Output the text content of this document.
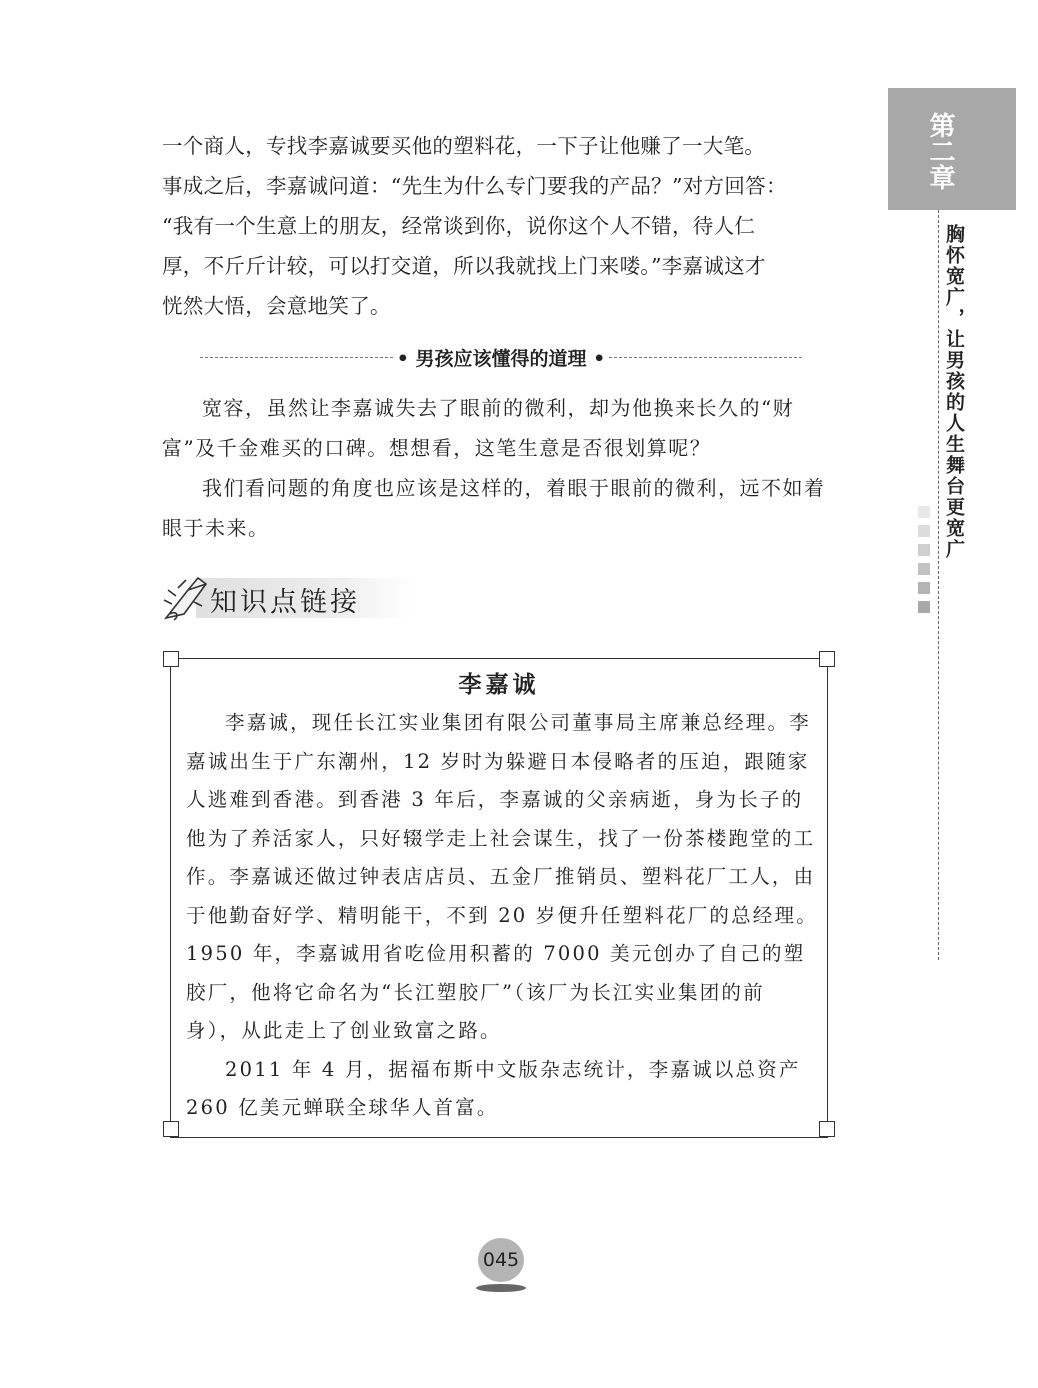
第二章
胸怀宽广，让男孩的人生舞台更宽广

一个商人，专找李嘉诚要买他的塑料花，一下子让他赚了一大笔。

事成之后，李嘉诚问道：“先生为什么专门要我的产品？”对方回答：

“我有一个生意上的朋友，经常谈到你，说你这个人不错，待人仁

厚，不斤斤计较，可以打交道，所以我就找上门来喽。”李嘉诚这才

恍然大悟，会意地笑了。

• 男孩应该懂得的道理 •

宽容，虽然让李嘉诚失去了眼前的微利，却为他换来长久的“财富”及千金难买的口碑。想想看，这笔生意是否很划算呢？

我们看问题的角度也应该是这样的，着眼于眼前的微利，远不如着眼于未来。

知识点链接
李嘉诚

李嘉诚，现任长江实业集团有限公司董事局主席兼总经理。李嘉诚出生于广东潮州，12 岁时为躲避日本侵略者的压迫，跟随家人逃难到香港。到香港 3 年后，李嘉诚的父亲病逝，身为长子的他为了养活家人，只好辍学走上社会谋生，找了一份茶楼跑堂的工作。李嘉诚还做过钟表店店员、五金厂推销员、塑料花厂工人，由于他勤奋好学、精明能干，不到 20 岁便升任塑料花厂的总经理。1950 年，李嘉诚用省吃俭用积蓄的 7000 美元创办了自己的塑胶厂，他将它命名为“长江塑胶厂”（该厂为长江实业集团的前身），从此走上了创业致富之路。

2011 年 4 月，据福布斯中文版杂志统计，李嘉诚以总资产 260 亿美元蝉联全球华人首富。

045
